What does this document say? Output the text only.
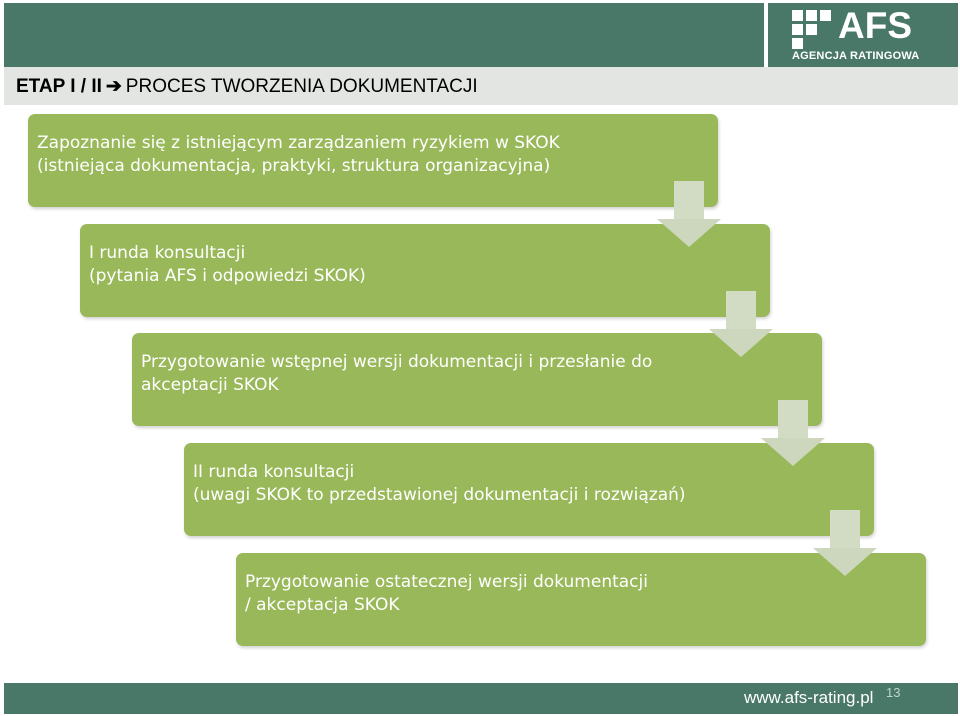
AFS
AGENCJA RATINGOWA
ETAP I / II ➔ PROCES TWORZENIA DOKUMENTACJI
Zapoznanie się z istniejącym zarządzaniem ryzykiem w SKOK
(istniejąca dokumentacja, praktyki, struktura organizacyjna)
I runda konsultacji
(pytania AFS i odpowiedzi SKOK)
Przygotowanie wstępnej wersji dokumentacji i przesłanie do
akceptacji SKOK
II runda konsultacji
(uwagi SKOK to przedstawionej dokumentacji i rozwiązań)
Przygotowanie ostatecznej wersji dokumentacji
/ akceptacja SKOK
www.afs-rating.pl 13
